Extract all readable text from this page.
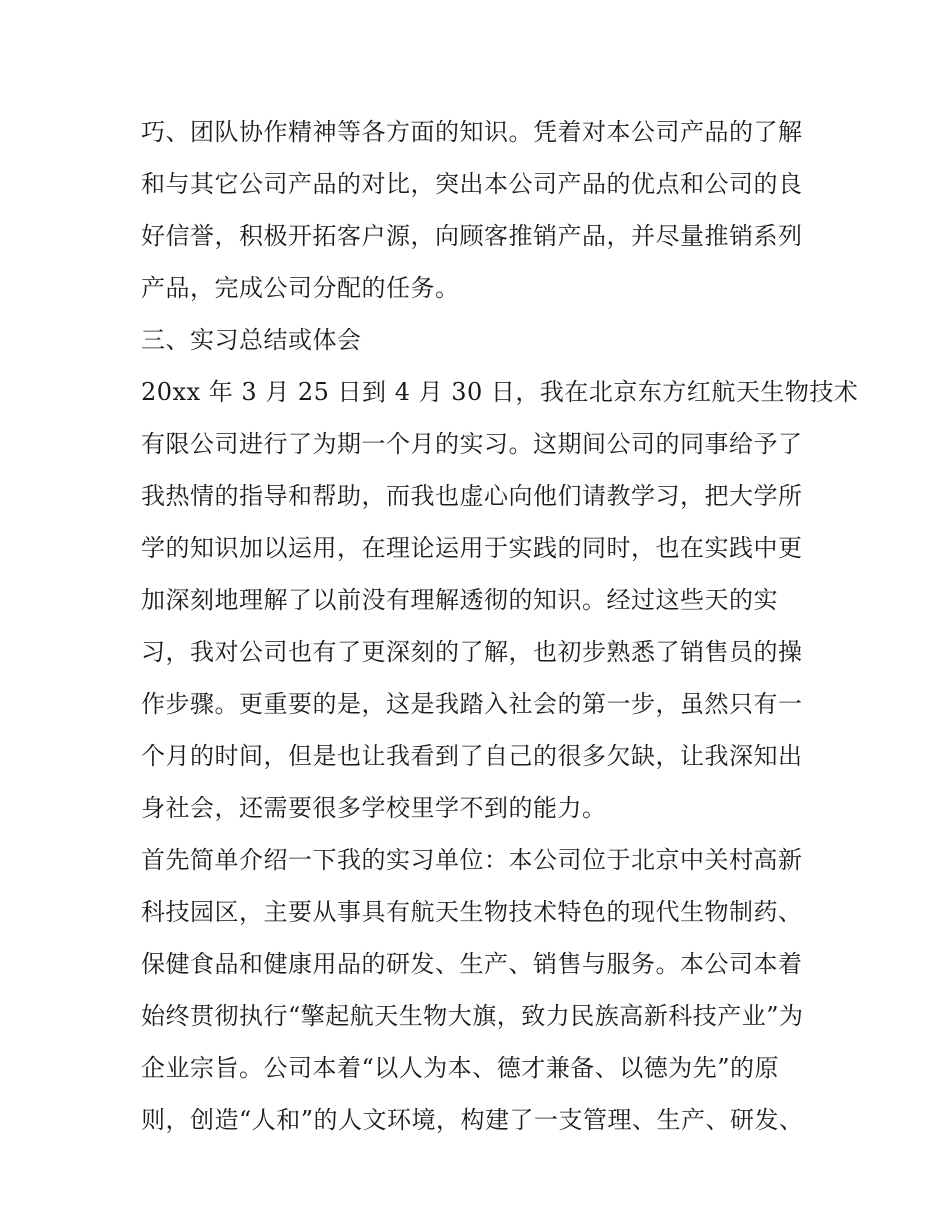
巧、团队协作精神等各方面的知识。凭着对本公司产品的了解
和与其它公司产品的对比，突出本公司产品的优点和公司的良
好信誉，积极开拓客户源，向顾客推销产品，并尽量推销系列
产品，完成公司分配的任务。
三、实习总结或体会
20xx 年 3 月 25 日到 4 月 30 日，我在北京东方红航天生物技术
有限公司进行了为期一个月的实习。这期间公司的同事给予了
我热情的指导和帮助，而我也虚心向他们请教学习，把大学所
学的知识加以运用，在理论运用于实践的同时，也在实践中更
加深刻地理解了以前没有理解透彻的知识。经过这些天的实
习，我对公司也有了更深刻的了解，也初步熟悉了销售员的操
作步骤。更重要的是，这是我踏入社会的第一步，虽然只有一
个月的时间，但是也让我看到了自己的很多欠缺，让我深知出
身社会，还需要很多学校里学不到的能力。
首先简单介绍一下我的实习单位：本公司位于北京中关村高新
科技园区，主要从事具有航天生物技术特色的现代生物制药、
保健食品和健康用品的研发、生产、销售与服务。本公司本着
始终贯彻执行“擎起航天生物大旗，致力民族高新科技产业”为
企业宗旨。公司本着“以人为本、德才兼备、以德为先”的原
则，创造“人和”的人文环境，构建了一支管理、生产、研发、
